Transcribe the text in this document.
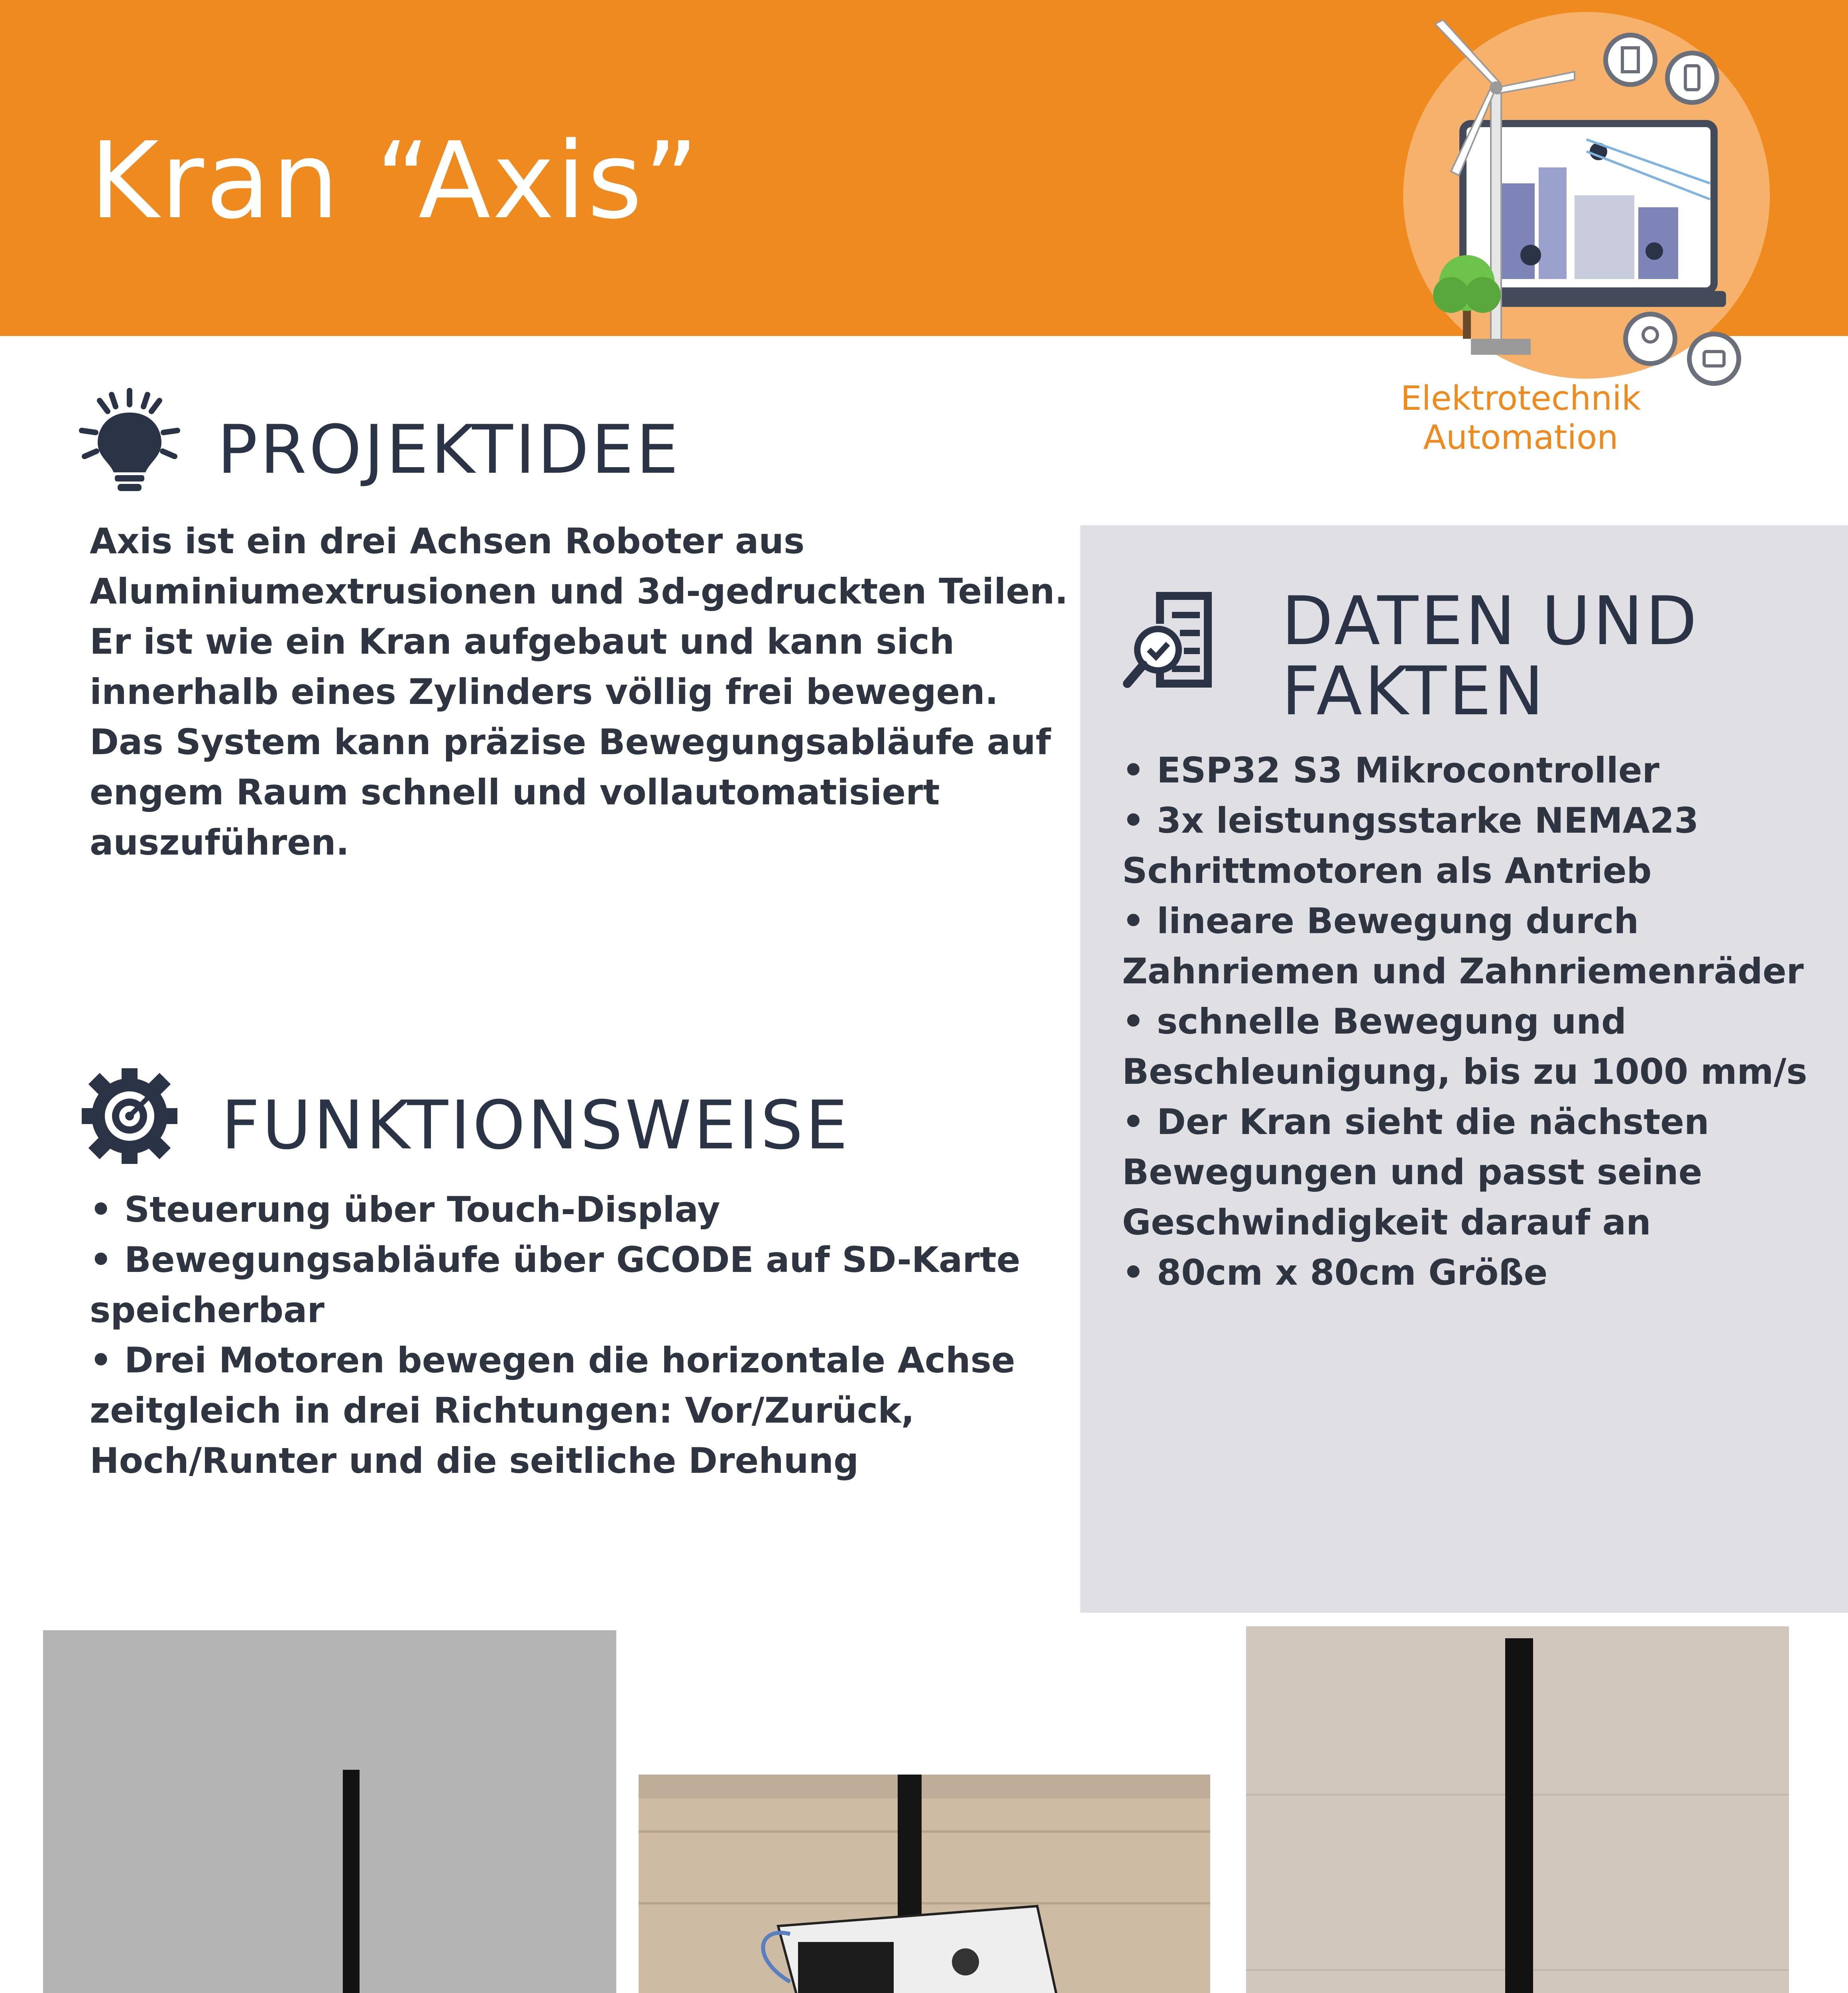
Kran “Axis”
Elektrotechnik
Automation
PROJEKTIDEE
Axis ist ein drei Achsen Roboter aus Aluminiumextrusionen und 3d-gedruckten Teilen. Er ist wie ein Kran aufgebaut und kann sich innerhalb eines Zylinders völlig frei bewegen. Das System kann präzise Bewegungsabläufe auf engem Raum schnell und vollautomatisiert auszuführen.
FUNKTIONSWEISE
• Steuerung über Touch-Display
• Bewegungsabläufe über GCODE auf SD-Karte speicherbar
• Drei Motoren bewegen die horizontale Achse zeitgleich in drei Richtungen: Vor/Zurück, Hoch/Runter und die seitliche Drehung
DATEN UND FAKTEN
• ESP32 S3 Mikrocontroller
• 3x leistungsstarke NEMA23 Schrittmotoren als Antrieb
• lineare Bewegung durch Zahnriemen und Zahnriemenräder
• schnelle Bewegung und Beschleunigung, bis zu 1000 mm/s
• Der Kran sieht die nächsten Bewegungen und passt seine Geschwindigkeit darauf an
• 80cm x 80cm Größe
